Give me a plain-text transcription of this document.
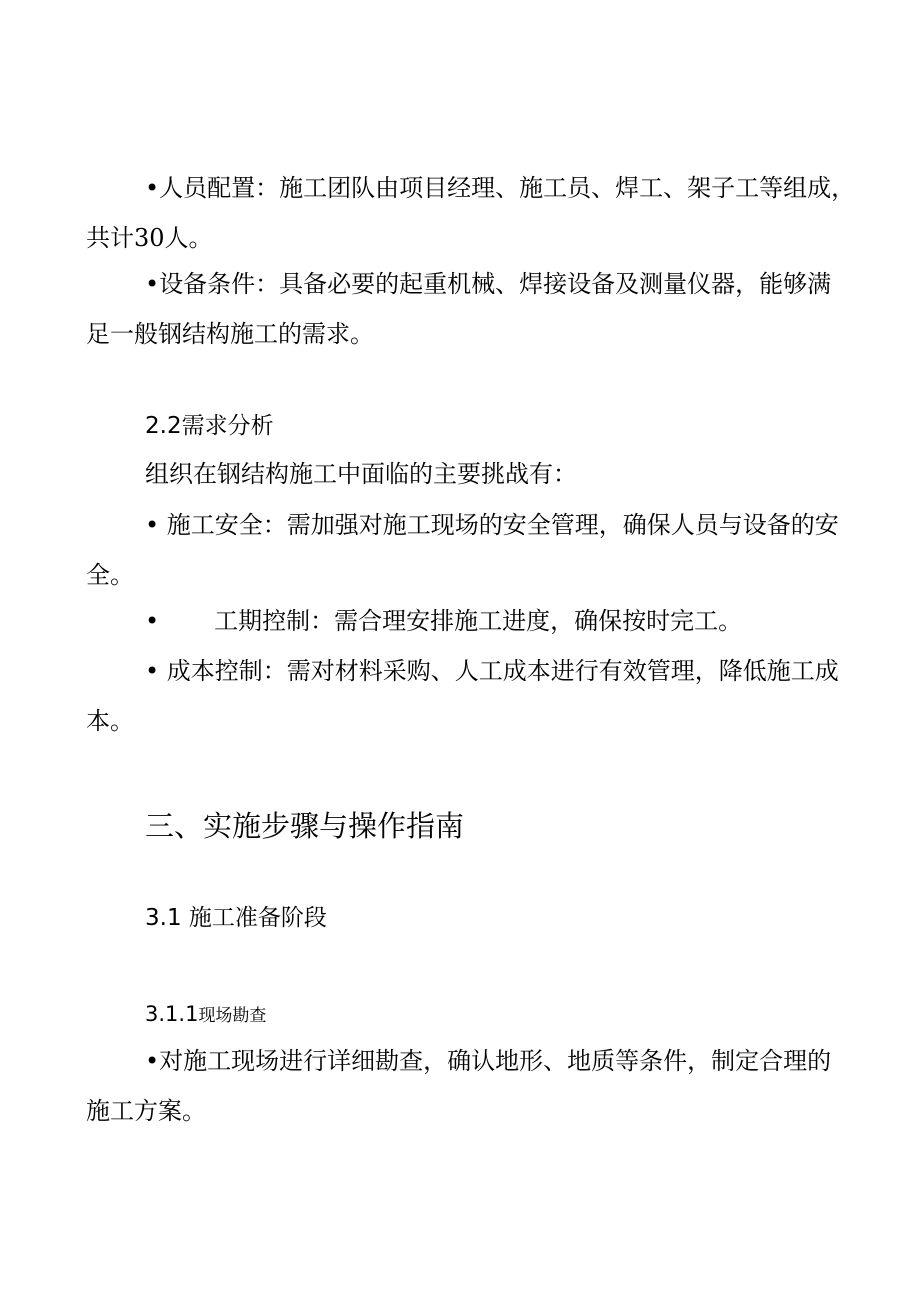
•人员配置：施工团队由项目经理、施工员、焊工、架子工等组成，
共计30人。

•设备条件：具备必要的起重机械、焊接设备及测量仪器，能够满
足一般钢结构施工的需求。

2.2需求分析

组织在钢结构施工中面临的主要挑战有：

• 施工安全：需加强对施工现场的安全管理，确保人员与设备的安
全。

• 工期控制：需合理安排施工进度，确保按时完工。

• 成本控制：需对材料采购、人工成本进行有效管理，降低施工成
本。

三、实施步骤与操作指南
3.1 施工准备阶段
3.1.1现场勘查

•对施工现场进行详细勘查，确认地形、地质等条件，制定合理的
施工方案。
